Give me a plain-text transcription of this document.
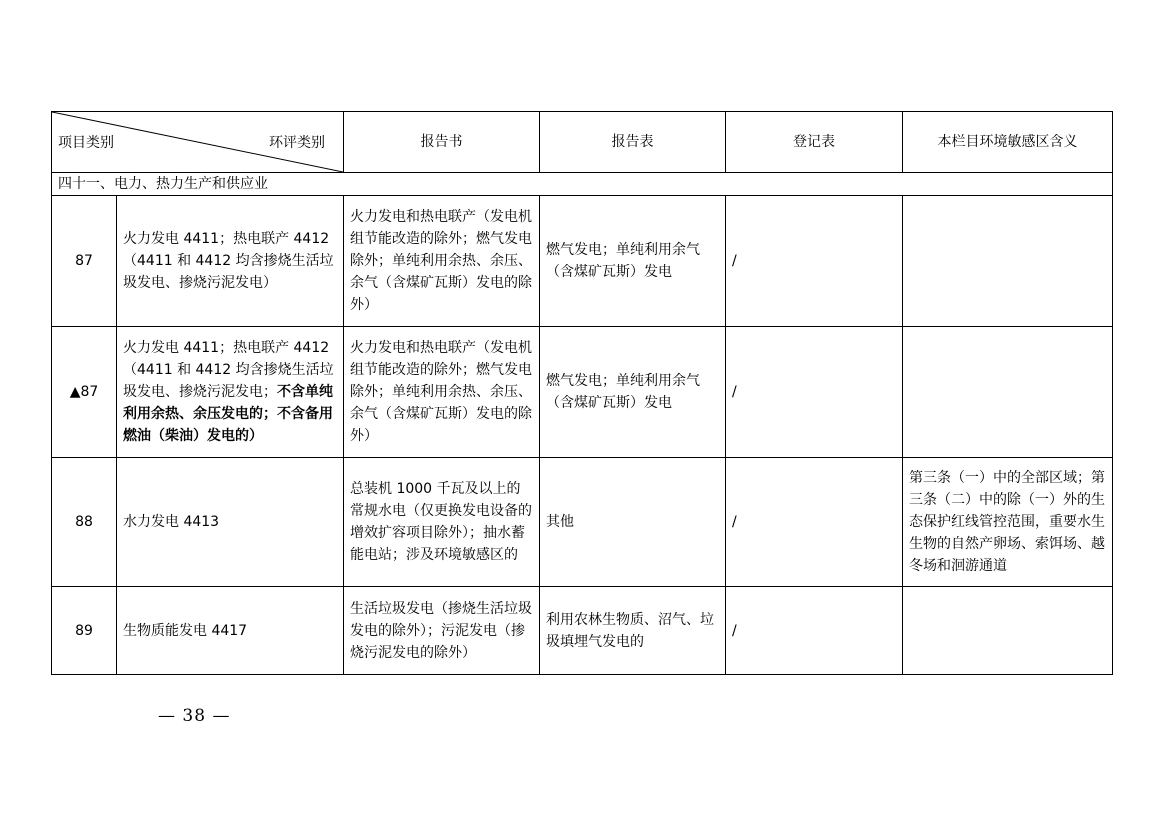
项目类别 环评类别		报告书	报告表	登记表	本栏目环境敏感区含义
四十一、电力、热力生产和供应业					
87	火力发电 4411；热电联产 4412（4411 和 4412 均含掺烧生活垃圾发电、掺烧污泥发电）	火力发电和热电联产（发电机组节能改造的除外；燃气发电除外；单纯利用余热、余压、余气（含煤矿瓦斯）发电的除外）	燃气发电；单纯利用余气（含煤矿瓦斯）发电	/	
▲87	火力发电 4411；热电联产 4412（4411 和 4412 均含掺烧生活垃圾发电、掺烧污泥发电；不含单纯利用余热、余压发电的；不含备用燃油（柴油）发电的）	火力发电和热电联产（发电机组节能改造的除外；燃气发电除外；单纯利用余热、余压、余气（含煤矿瓦斯）发电的除外）	燃气发电；单纯利用余气（含煤矿瓦斯）发电	/	
88	水力发电 4413	总装机 1000 千瓦及以上的常规水电（仅更换发电设备的增效扩容项目除外）；抽水蓄能电站；涉及环境敏感区的	其他	/	第三条（一）中的全部区域；第三条（二）中的除（一）外的生态保护红线管控范围，重要水生生物的自然产卵场、索饵场、越冬场和洄游通道
89	生物质能发电 4417	生活垃圾发电（掺烧生活垃圾发电的除外）；污泥发电（掺烧污泥发电的除外）	利用农林生物质、沼气、垃圾填埋气发电的	/	
— 38 —
